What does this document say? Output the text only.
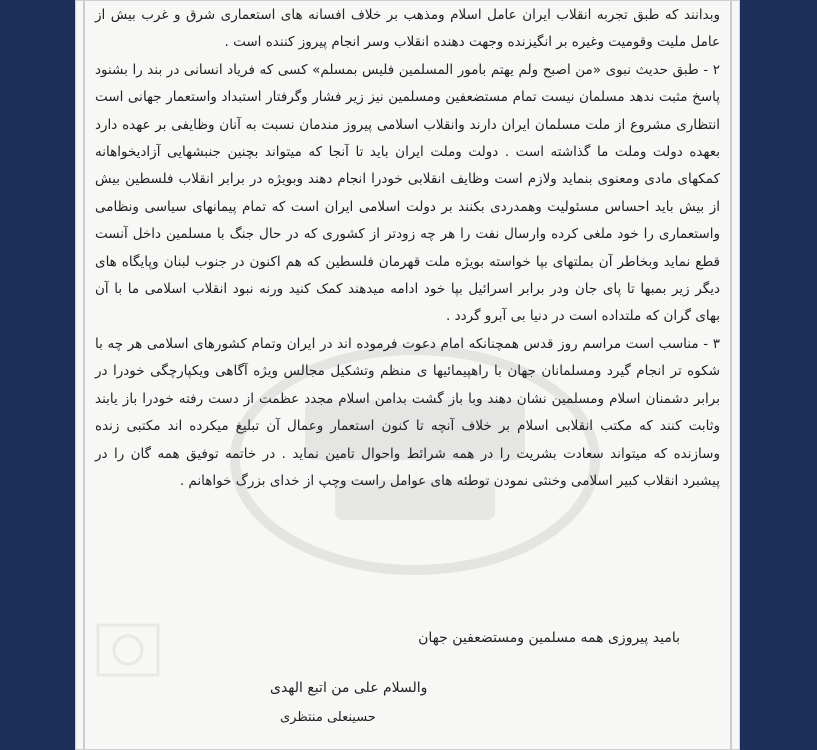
وبدانند که طبق تجربه انقلاب ایران عامل اسلام ومذهب بر خلاف افسانه های استعماری شرق و غرب بیش از عامل ملیت وقومیت وغیره بر انگیزنده وجهت دهنده انقلاب وسر انجام پیروز کننده است .

۲ - طبق حدیث نبوی «من اصبح ولم یهتم بامور المسلمین فلیس بمسلم» کسی که فریاد انسانی در بند را بشنود پاسخ مثبت ندهد مسلمان نیست تمام مستضعفین ومسلمین نیز زیر فشار وگرفتار استبداد واستعمار جهانی است انتظاری مشروع از ملت مسلمان ایران دارند وانقلاب اسلامی پیروز مندمان نسبت به آنان وظایفی بر عهده دارد بعهده دولت وملت ما گذاشته است . دولت وملت ایران باید تا آنجا که میتواند بچنین جنبشهایی آزادیخواهانه کمکهای مادی ومعنوی بنماید ولازم است وظایف انقلابی خودرا انجام دهند وبویژه در برابر انقلاب فلسطین بیش از بیش باید احساس مسئولیت وهمدردی بکنند بر دولت اسلامی ایران است که تمام پیمانهای سیاسی ونظامی واستعماری را خود ملغی کرده وارسال نفت را هر چه زودتر از کشوری که در حال جنگ با مسلمین داخل آنست قطع نماید وبخاطر آن بملتهای بپا خواسته بویژه ملت قهرمان فلسطین که هم اکنون در جنوب لبنان وپایگاه های دیگر زیر بمبها تا پای جان ودر برابر اسرائیل بپا خود ادامه میدهند کمک کنید ورنه نبود انقلاب اسلامی ما با آن بهای گران که ملتداده است در دنیا بی آبرو گردد .

۳ - مناسب است مراسم روز قدس همچنانکه امام دعوت فرموده اند در ایران وتمام کشورهای اسلامی هر چه با شکوه تر انجام گیرد ومسلمانان جهان با راهپیمائیها ی منظم وتشکیل مجالس ویژه آگاهی ویکپارچگی خودرا در برابر دشمنان اسلام ومسلمین نشان دهند وبا باز گشت بدامن اسلام مجدد عظمت از دست رفته خودرا باز یابند وثابت کنند که مکتب انقلابی اسلام بر خلاف آنچه تا کنون استعمار وعمال آن تبلیغ میکرده اند مکتبی زنده وسازنده که میتواند سعادت بشریت را در همه شرائط واحوال تامین نماید . در خاتمه توفیق همه گان را در پیشبرد انقلاب کبیر اسلامی وخنثی نمودن توطئه های عوامل راست وچپ از خدای بزرگ خواهانم .

بامید پیروزی همه مسلمین ومستضعفین جهان
والسلام علی من اتبع الهدی
حسینعلی منتظری
